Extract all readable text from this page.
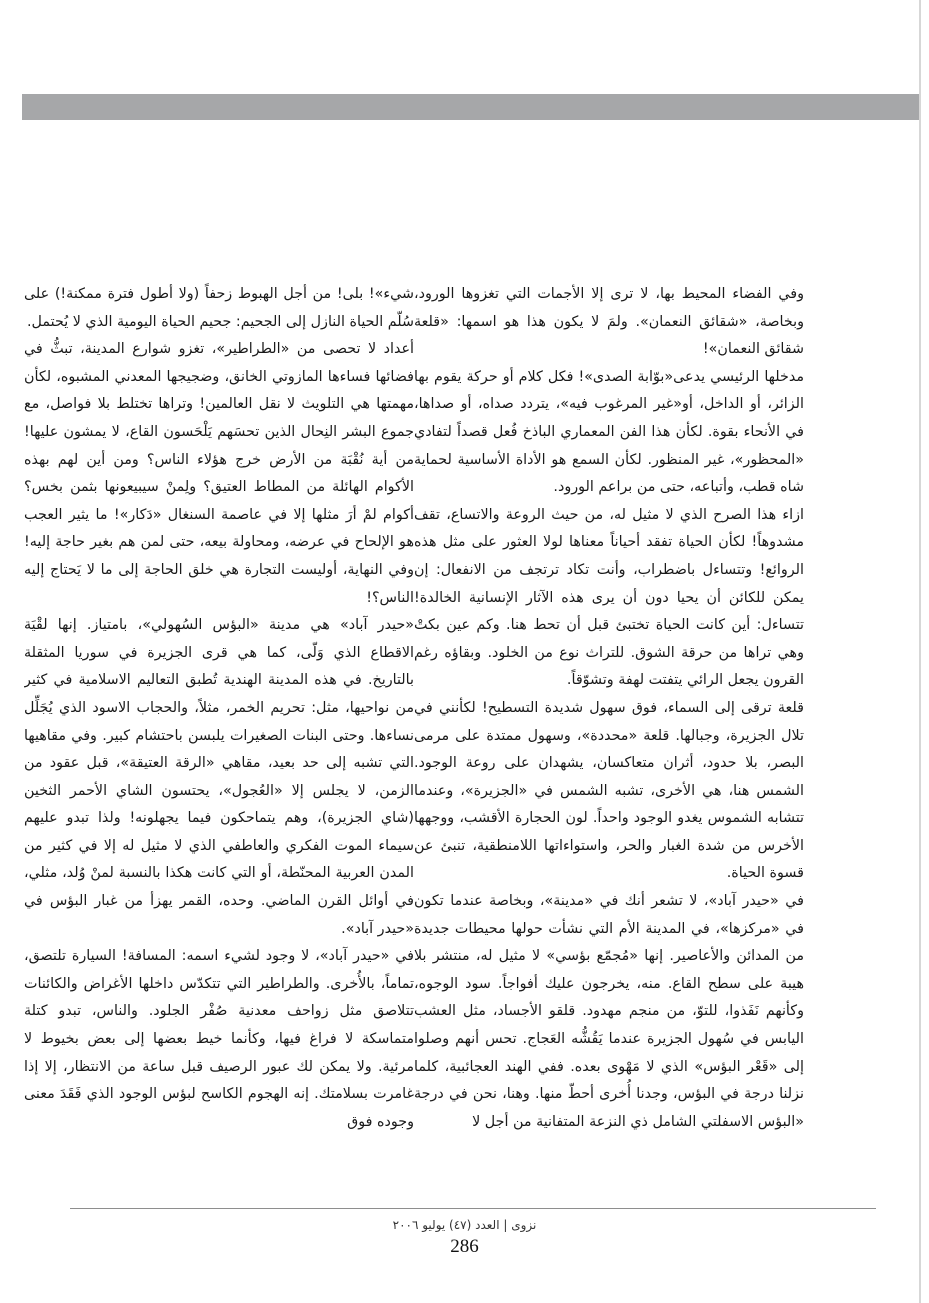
وفي الفضاء المحيط بها، لا ترى إلا الأجمات التي تغزوها الورود، وبخاصة، «شقائق النعمان». ولمَ لا يكون هذا هو اسمها: «قلعة شقائق النعمان»!

مدخلها الرئيسي يدعى«بوّابة الصدى»! فكل كلام أو حركة يقوم بها الزائر، أو الداخل، أو«غير المرغوب فيه»، يتردد صداه، أو صداها، في الأنحاء بقوة. لكأن هذا الفن المعماري الباذخ فُعل قصداً لتفادي «المحظور»، غير المنظور. لكأن السمع هو الأداة الأساسية لحماية شاه قطب، وأتباعه، حتى من براعم الورود.

ازاء هذا الصرح الذي لا مثيل له، من حيث الروعة والاتساع، تقف مشدوهاً! لكأن الحياة تفقد أحياناً معناها لولا العثور على مثل هذه الروائع! وتتساءل باضطراب، وأنت تكاد ترتجف من الانفعال: إن يمكن للكائن أن يحيا دون أن يرى هذه الآثار الإنسانية الخالدة! تتساءل: أين كانت الحياة تختبئ قبل أن تحط هنا. وكم عين بكتْ وهي تراها من حرقة الشوق. للتراث نوع من الخلود. وبقاؤه رغم القرون يجعل الرائي يتفتت لهفة وتشوّقاً.

قلعة ترقى إلى السماء، فوق سهول شديدة التسطيح! لكأنني في تلال الجزيرة، وجبالها. قلعة «محددة»، وسهول ممتدة على مرمى البصر، بلا حدود، أثران متعاكسان، يشهدان على روعة الوجود. الشمس هنا، هي الأخرى، تشبه الشمس في «الجزيرة»، وعندما تتشابه الشموس يغدو الوجود واحداً. لون الحجارة الأقشب، ووجهها الأخرس من شدة الغبار والحر، واستواءاتها اللامنطقية، تنبئ عن قسوة الحياة.

في «حيدر آباد»، لا تشعر أنك في «مدينة»، وبخاصة عندما تكون في «مركزها»، في المدينة الأم التي نشأت حولها محيطات جديدة من المدائن والأعاصير. إنها «مُجمّع بؤسي» لا مثيل له، منتشر بلا هيبة على سطح القاع. منه، يخرجون عليك أفواجاً. سود الوجوه، وكأنهم نَفَذوا، للتوّ، من منجم مهدود. قلقو الأجساد، مثل العشب اليابس في سُهول الجزيرة عندما يَقُشُّه العَجاج. تحس أنهم وصلوا إلى «قَعْر البؤس» الذي لا مَهْوى بعده. ففي الهند العجائبية، كلما نزلنا درجة في البؤس، وجدنا أُخرى أحطّ منها. وهنا، نحن في درجة «البؤس الاسفلتي الشامل ذي النزعة المتفانية من أجل لا

شيء»! بلى! من أجل الهبوط زحفاً (ولا أطول فترة ممكنة!) على سُلّم الحياة النازل إلى الجحيم: جحيم الحياة اليومية الذي لا يُحتمل.

أعداد لا تحصى من «الطراطير»، تغزو شوارع المدينة، تبثُّ في فضائها فساءها المازوتي الخانق، وضجيجها المعدني المشبوه، لكأن مهمتها هي التلويث لا نقل العالمين! وتراها تختلط بلا فواصل، مع جموع البشر النِحال الذين تحسَهم يَلْحَسون القاع، لا يمشون عليها! من أية نُقْبَة من الأرض خرج هؤلاء الناس؟ ومن أين لهم بهذه الأكوام الهائلة من المطاط العتيق؟ ولِمنْ سيبيعونها بثمن بخس؟ أكوام لمْ أرَ مثلها إلا في عاصمة السنغال «دَكار»! ما يثير العجب هو الإلحاح في عرضه، ومحاولة بيعه، حتى لمن هم بغير حاجة إليه! وفي النهاية، أوليست التجارة هي خلق الحاجة إلى ما لا يَحتاج إليه الناس؟!

«حيدر آباد» هي مدينة «البؤس السُهولي»، بامتياز. إنها لقْيَة الاقطاع الذي وَلّى، كما هي قرى الجزيرة في سوريا المثقلة بالتاريخ. في هذه المدينة الهندية تُطبق التعاليم الاسلامية في كثير من نواحيها، مثل: تحريم الخمر، مثلاً، والحجاب الاسود الذي يُجَلِّل نساءها. وحتى البنات الصغيرات يلبسن باحتشام كبير. وفي مقاهيها التي تشبه إلى حد بعيد، مقاهي «الرقة العتيقة»، قبل عقود من الزمن، لا يجلس إلا «العُجول»، يحتسون الشاي الأحمر الثخين (شاي الجزيرة)، وهم يتماحكون فيما يجهلونه! ولذا تبدو عليهم سيماء الموت الفكري والعاطفي الذي لا مثيل له إلا في كثير من المدن العربية المحنّطة، أو التي كانت هكذا بالنسبة لمنْ وُلد، مثلي، في أوائل القرن الماضي. وحده، القمر يهزأ من غبار البؤس في «حيدر آباد».

في «حيدر آباد»، لا وجود لشيء اسمه: المسافة! السيارة تلتصق، تماماً، بالأُخرى. والطراطير التي تتكدّس داخلها الأغراض والكائنات تتلاصق مثل زواحف معدنية صُفْر الجلود. والناس، تبدو كتلة متماسكة لا فراغ فيها، وكأنما خيط بعضها إلى بعض بخيوط لا مرئية. ولا يمكن لك عبور الرصيف قبل ساعة من الانتظار، إلا إذا غامرت بسلامتك. إنه الهجوم الكاسح لبؤس الوجود الذي فَقَدَ معنى وجوده فوق

نزوى | العدد (٤٧) يوليو ٢٠٠٦
286
